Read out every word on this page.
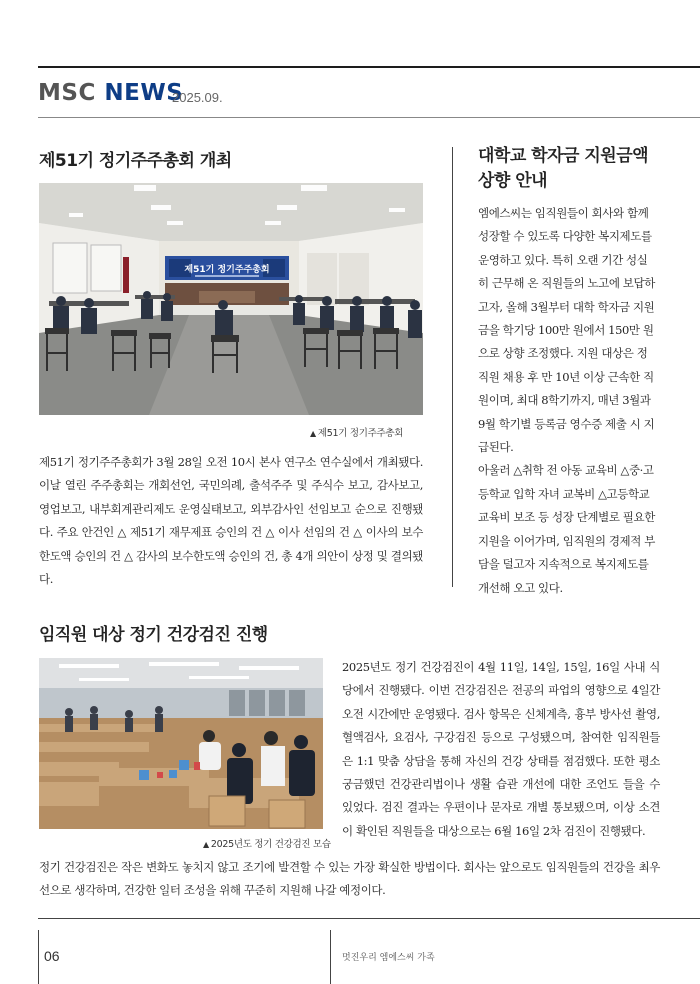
MSC NEWS
2025.09.
제51기 정기주주총회 개최
제51기 정기주주총회
▲ 제51기 정기주주총회
제51기 정기주주총회가 3월 28일 오전 10시 본사 연구소 연수실에서 개최됐다. 이날 열린 주주총회는 개회선언, 국민의례, 출석주주 및 주식수 보고, 감사보고, 영업보고, 내부회계관리제도 운영실태보고, 외부감사인 선임보고 순으로 진행됐다. 주요 안건인 △ 제51기 재무제표 승인의 건 △ 이사 선임의 건 △ 이사의 보수한도액 승인의 건 △ 감사의 보수한도액 승인의 건, 총 4개 의안이 상정 및 결의됐다.
대학교 학자금 지원금액
상향 안내
엠에스씨는 임직원들이 회사와 함께 성장할 수 있도록 다양한 복지제도를 운영하고 있다. 특히 오랜 기간 성실히 근무해 온 직원들의 노고에 보답하고자, 올해 3월부터 대학 학자금 지원금을 학기당 100만 원에서 150만 원으로 상향 조정했다. 지원 대상은 정직원 채용 후 만 10년 이상 근속한 직원이며, 최대 8학기까지, 매년 3월과 9월 학기별 등록금 영수증 제출 시 지급된다.
아울러 △취학 전 아동 교육비 △중·고등학교 입학 자녀 교복비 △고등학교 교육비 보조 등 성장 단계별로 필요한 지원을 이어가며, 임직원의 경제적 부담을 덜고자 지속적으로 복지제도를 개선해 오고 있다.
임직원 대상 정기 건강검진 진행
▲ 2025년도 정기 건강검진 모습
2025년도 정기 건강검진이 4월 11일, 14일, 15일, 16일 사내 식당에서 진행됐다. 이번 건강검진은 전공의 파업의 영향으로 4일간 오전 시간에만 운영됐다. 검사 항목은 신체계측, 흉부 방사선 촬영, 혈액검사, 요검사, 구강검진 등으로 구성됐으며, 참여한 임직원들은 1:1 맞춤 상담을 통해 자신의 건강 상태를 점검했다. 또한 평소 궁금했던 건강관리법이나 생활 습관 개선에 대한 조언도 들을 수 있었다. 검진 결과는 우편이나 문자로 개별 통보됐으며, 이상 소견이 확인된 직원들을 대상으로는 6월 16일 2차 검진이 진행됐다.
정기 건강검진은 작은 변화도 놓치지 않고 조기에 발견할 수 있는 가장 확실한 방법이다. 회사는 앞으로도 임직원들의 건강을 최우선으로 생각하며, 건강한 일터 조성을 위해 꾸준히 지원해 나갈 예정이다.
06	멋진우리 엠에스씨 가족
